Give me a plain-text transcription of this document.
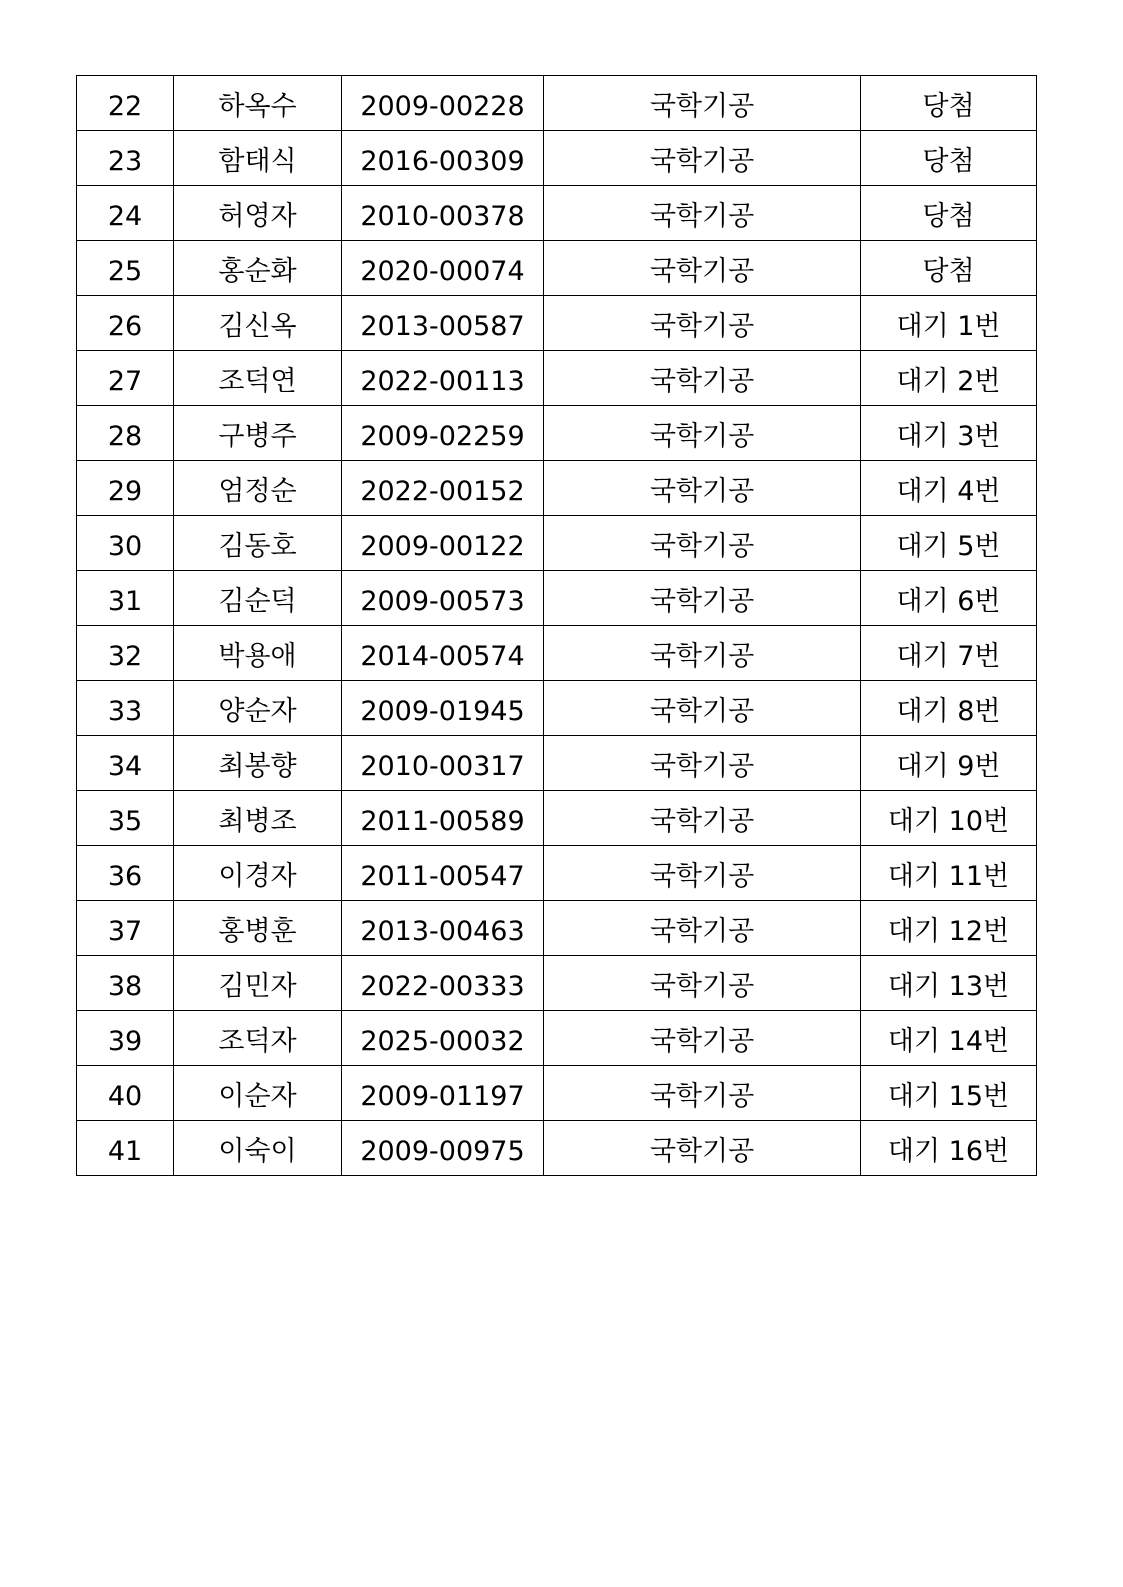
22	하옥수	2009-00228	국학기공	당첨
23	함태식	2016-00309	국학기공	당첨
24	허영자	2010-00378	국학기공	당첨
25	홍순화	2020-00074	국학기공	당첨
26	김신옥	2013-00587	국학기공	대기 1번
27	조덕연	2022-00113	국학기공	대기 2번
28	구병주	2009-02259	국학기공	대기 3번
29	엄정순	2022-00152	국학기공	대기 4번
30	김동호	2009-00122	국학기공	대기 5번
31	김순덕	2009-00573	국학기공	대기 6번
32	박용애	2014-00574	국학기공	대기 7번
33	양순자	2009-01945	국학기공	대기 8번
34	최봉향	2010-00317	국학기공	대기 9번
35	최병조	2011-00589	국학기공	대기 10번
36	이경자	2011-00547	국학기공	대기 11번
37	홍병훈	2013-00463	국학기공	대기 12번
38	김민자	2022-00333	국학기공	대기 13번
39	조덕자	2025-00032	국학기공	대기 14번
40	이순자	2009-01197	국학기공	대기 15번
41	이숙이	2009-00975	국학기공	대기 16번
